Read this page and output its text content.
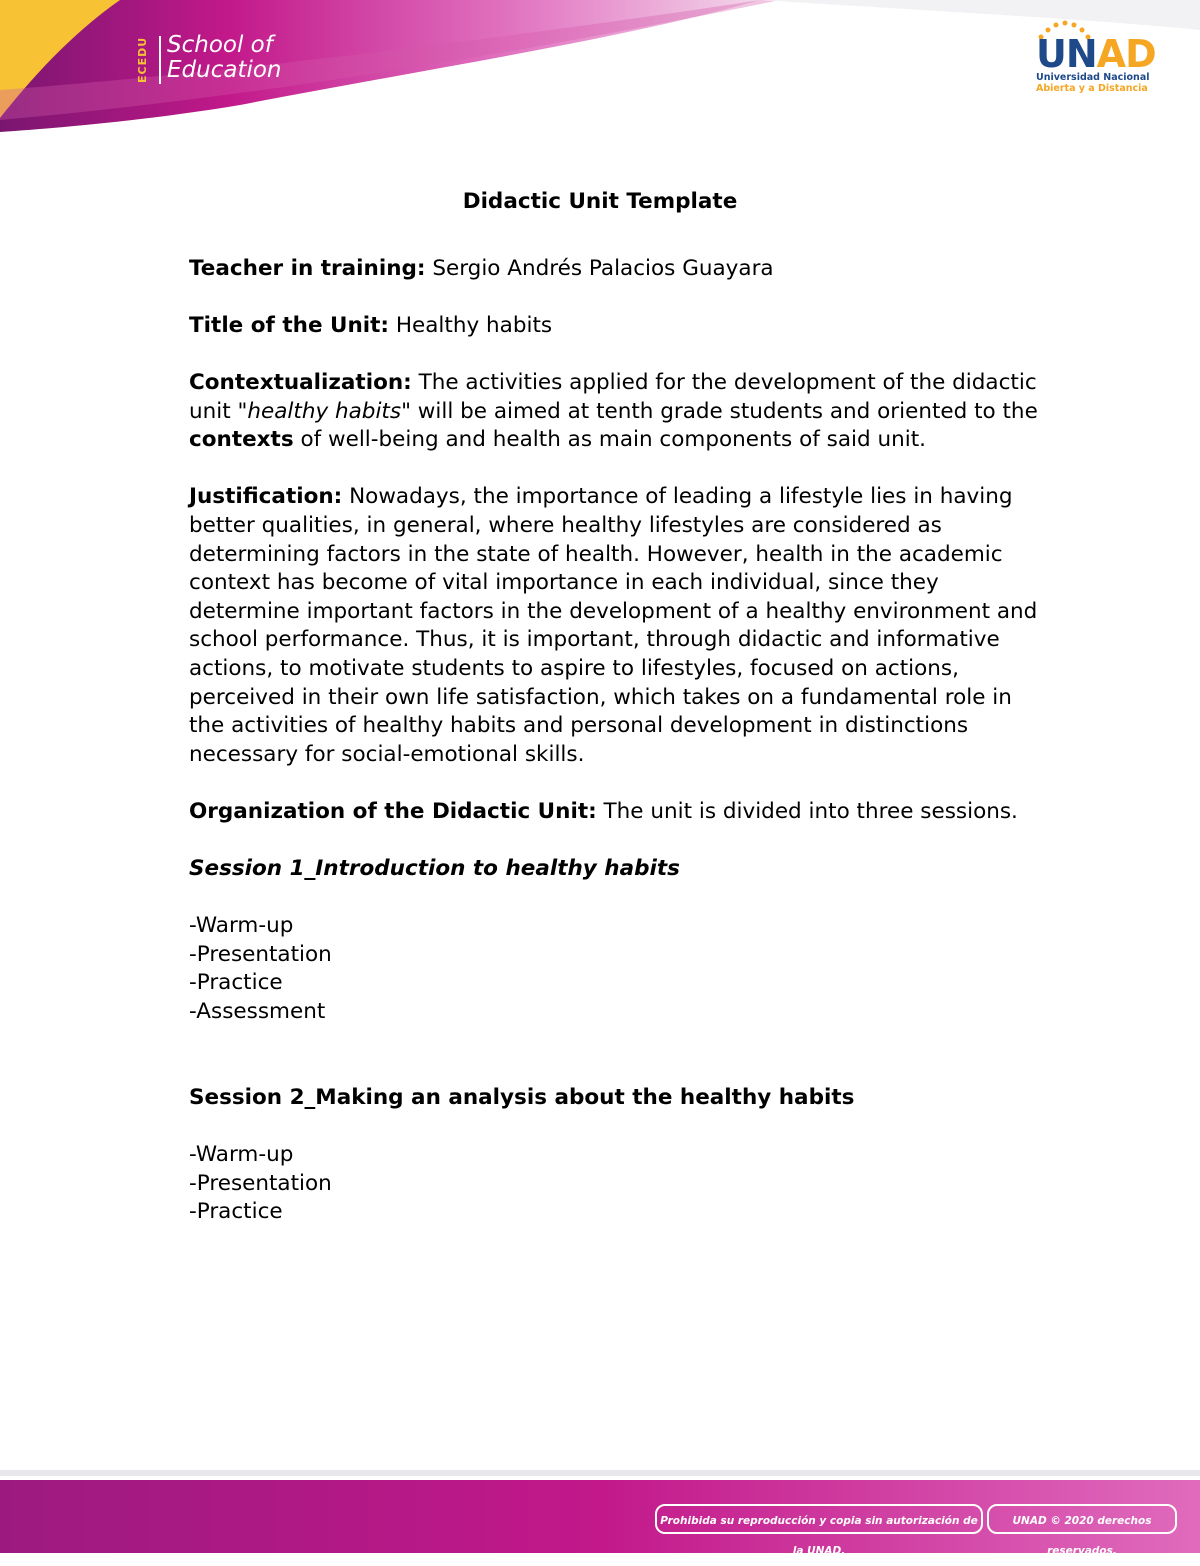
ECEDU School of
Education	UNAD
Universidad Nacional
Abierta y a Distancia
Didactic Unit Template

Teacher in training: Sergio Andrés Palacios Guayara

Title of the Unit: Healthy habits

Contextualization: The activities applied for the development of the didactic unit "healthy habits" will be aimed at tenth grade students and oriented to the contexts of well-being and health as main components of said unit.

Justification: Nowadays, the importance of leading a lifestyle lies in having better qualities, in general, where healthy lifestyles are considered as determining factors in the state of health. However, health in the academic context has become of vital importance in each individual, since they determine important factors in the development of a healthy environment and school performance. Thus, it is important, through didactic and informative actions, to motivate students to aspire to lifestyles, focused on actions, perceived in their own life satisfaction, which takes on a fundamental role in the activities of healthy habits and personal development in distinctions necessary for social-emotional skills.

Organization of the Didactic Unit: The unit is divided into three sessions.

Session 1_Introduction to healthy habits
-Warm-up
-Presentation
-Practice
-Assessment
Session 2_Making an analysis about the healthy habits
-Warm-up
-Presentation
-Practice
Prohibida su reproducción y copia sin autorización de la UNAD.
UNAD © 2020 derechos reservados.
